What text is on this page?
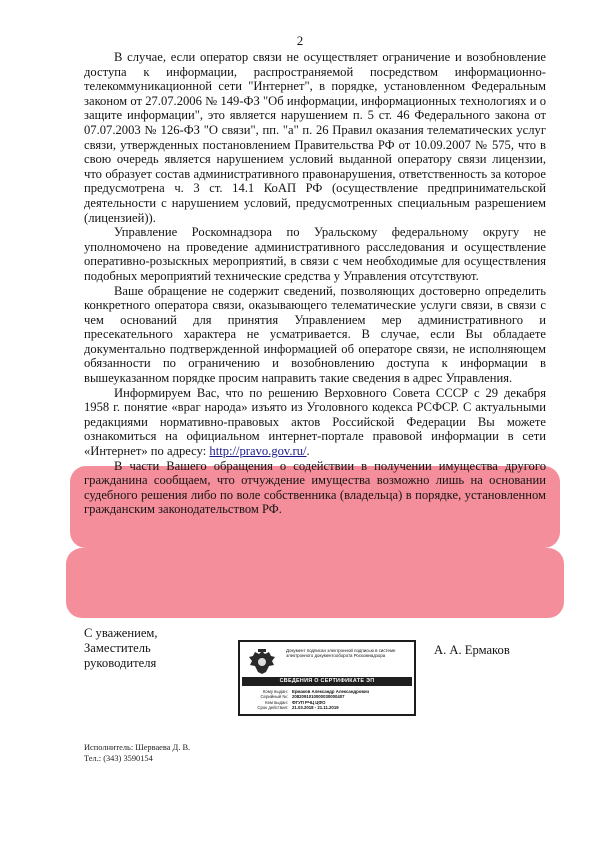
2

В случае, если оператор связи не осуществляет ограничение и возобновление доступа к информации, распространяемой посредством информационно-телекоммуникационной сети "Интернет", в порядке, установленном Федеральным законом от 27.07.2006 № 149-ФЗ "Об информации, информационных технологиях и о защите информации", это является нарушением п. 5 ст. 46 Федерального закона от 07.07.2003 № 126-ФЗ "О связи", пп. "а" п. 26 Правил оказания телематических услуг связи, утвержденных постановлением Правительства РФ от 10.09.2007 № 575, что в свою очередь является нарушением условий выданной оператору связи лицензии, что образует состав административного правонарушения, ответственность за которое предусмотрена ч. 3 ст. 14.1 КоАП РФ (осуществление предпринимательской деятельности с нарушением условий, предусмотренных специальным разрешением (лицензией)).

Управление Роскомнадзора по Уральскому федеральному округу не уполномочено на проведение административного расследования и осуществление оперативно-розыскных мероприятий, в связи с чем необходимые для осуществления подобных мероприятий технические средства у Управления отсутствуют.

Ваше обращение не содержит сведений, позволяющих достоверно определить конкретного оператора связи, оказывающего телематические услуги связи, в связи с чем оснований для принятия Управлением мер административного и пресекательного характера не усматривается. В случае, если Вы обладаете документально подтвержденной информацией об операторе связи, не исполняющем обязанности по ограничению и возобновлению доступа к информации в вышеуказанном порядке просим направить такие сведения в адрес Управления.

Информируем Вас, что по решению Верховного Совета СССР с 29 декабря 1958 г. понятие «враг народа» изъято из Уголовного кодекса РСФСР. С актуальными редакциями нормативно-правовых актов Российской Федерации Вы можете ознакомиться на официальном интернет-портале правовой информации в сети «Интернет» по адресу: http://pravo.gov.ru/.

В части Вашего обращения о содействии в получении имущества другого гражданина сообщаем, что отчуждение имущества возможно лишь на основании судебного решения либо по воле собственника (владельца) в порядке, установленном гражданским законодательством РФ.

С уважением,
Заместитель
руководителя
Документ подписан электронной подписью в системе электронного документооборота Роскомнадзора
СВЕДЕНИЯ О СЕРТИФИКАТЕ ЭП
Кому выдан: Ермаков Александр Александрович
Серийный №: 2082091010000030000407
Кем выдан: ФГУП РЧЦ ЦФО
Срок действия: 21.03.2018 - 21.11.2019
А. А. Ермаков
Исполнитель: Шерваева Д. В.
Тел.: (343) 3590154
